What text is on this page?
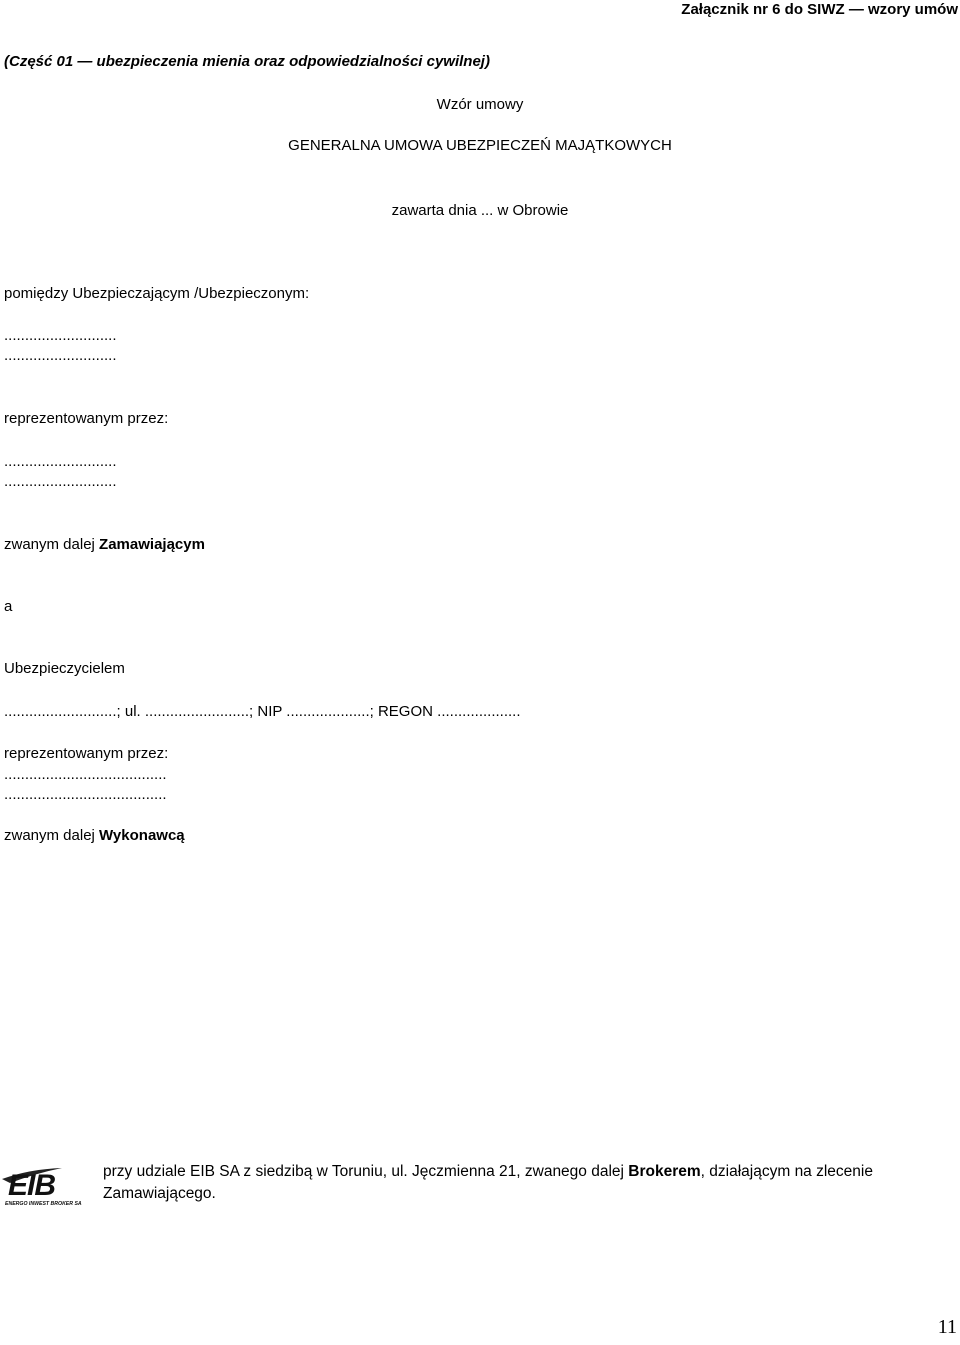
Załącznik nr 6 do SIWZ — wzory umów
(Część 01 — ubezpieczenia mienia oraz odpowiedzialności cywilnej)
Wzór umowy
GENERALNA UMOWA UBEZPIECZEŃ MAJĄTKOWYCH
zawarta dnia ... w Obrowie
pomiędzy Ubezpieczającym /Ubezpieczonym:
...........................
...........................
reprezentowanym przez:
...........................
...........................
zwanym dalej Zamawiającym
a
Ubezpieczycielem
...........................; ul. .........................; NIP ....................; REGON ....................
reprezentowanym przez:
.......................................
.......................................
zwanym dalej Wykonawcą
EIB
ENERGO INWEST BROKER SA
przy udziale EIB SA z siedzibą w Toruniu, ul. Jęczmienna 21, zwanego dalej Brokerem, działającym na zlecenie Zamawiającego.
11
